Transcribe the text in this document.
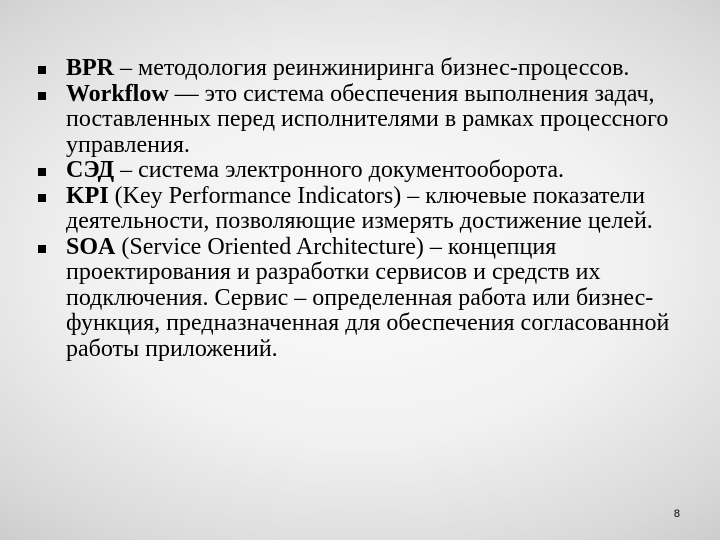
BPR – методология реинжиниринга бизнес-процессов.
Workflow — это система обеспечения выполнения задач, поставленных перед исполнителями в рамках процессного управления.
СЭД – система электронного документооборота.
KPI (Key Performance Indicators) – ключевые показатели деятельности, позволяющие измерять достижение целей.
SOA (Service Oriented Architecture) – концепция проектирования и разработки сервисов и средств их подключения. Сервис – определенная работа или бизнес-функция, предназначенная для обеспечения согласованной работы приложений.
8
